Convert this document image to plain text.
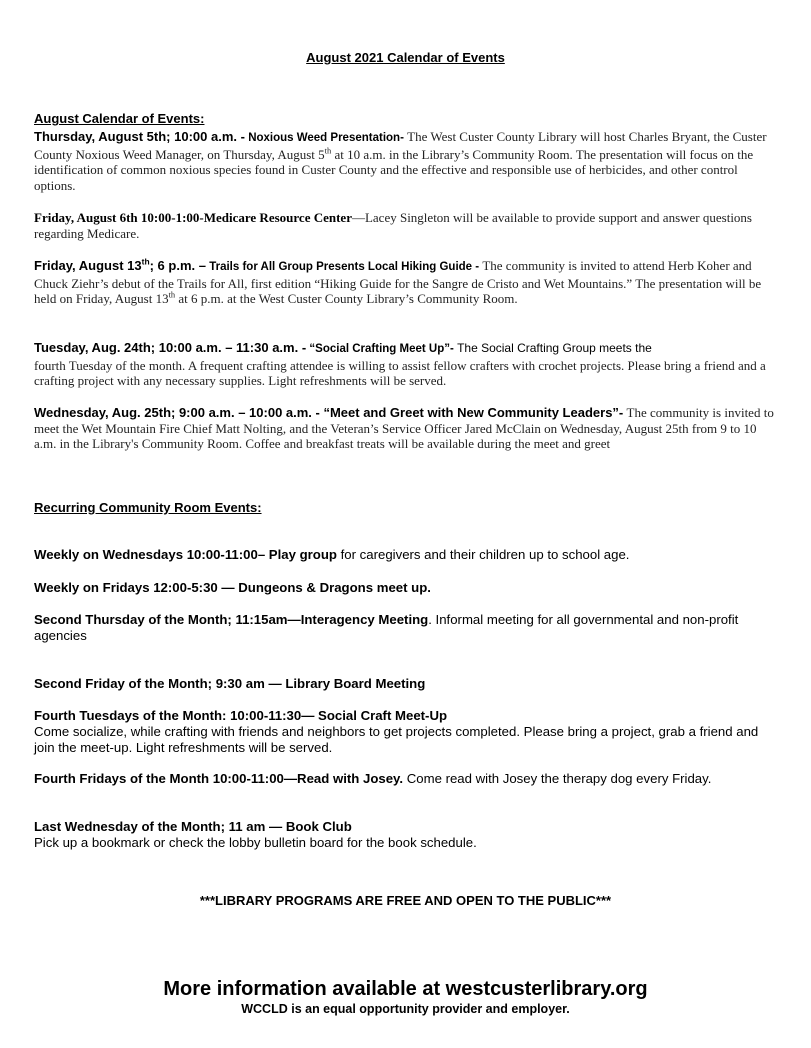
August 2021 Calendar of Events
August Calendar of Events:
Thursday, August 5th; 10:00 a.m. - Noxious Weed Presentation- The West Custer County Library will host Charles Bryant, the Custer County Noxious Weed Manager, on Thursday, August 5th at 10 a.m. in the Library’s Community Room. The presentation will focus on the identification of common noxious species found in Custer County and the effective and responsible use of herbicides, and other control options.
Friday, August 6th 10:00-1:00-Medicare Resource Center—Lacey Singleton will be available to provide support and answer questions regarding Medicare.
Friday, August 13th; 6 p.m. – Trails for All Group Presents Local Hiking Guide - The community is invited to attend Herb Koher and Chuck Ziehr’s debut of the Trails for All, first edition “Hiking Guide for the Sangre de Cristo and Wet Mountains.” The presentation will be held on Friday, August 13th at 6 p.m. at the West Custer County Library’s Community Room.
Tuesday, Aug. 24th; 10:00 a.m. – 11:30 a.m. - “Social Crafting Meet Up”- The Social Crafting Group meets the
fourth Tuesday of the month. A frequent crafting attendee is willing to assist fellow crafters with crochet projects. Please bring a friend and a crafting project with any necessary supplies. Light refreshments will be served.
Wednesday, Aug. 25th; 9:00 a.m. – 10:00 a.m. - “Meet and Greet with New Community Leaders”- The community is invited to meet the Wet Mountain Fire Chief Matt Nolting, and the Veteran’s Service Officer Jared McClain on Wednesday, August 25th from 9 to 10 a.m. in the Library's Community Room. Coffee and breakfast treats will be available during the meet and greet
Recurring Community Room Events:
Weekly on Wednesdays 10:00-11:00– Play group for caregivers and their children up to school age.
Weekly on Fridays 12:00-5:30 — Dungeons & Dragons meet up.
Second Thursday of the Month; 11:15am—Interagency Meeting. Informal meeting for all governmental and non-profit agencies
Second Friday of the Month; 9:30 am — Library Board Meeting
Fourth Tuesdays of the Month: 10:00-11:30— Social Craft Meet-Up
Come socialize, while crafting with friends and neighbors to get projects completed. Please bring a project, grab a friend and join the meet-up. Light refreshments will be served.
Fourth Fridays of the Month 10:00-11:00—Read with Josey. Come read with Josey the therapy dog every Friday.
Last Wednesday of the Month; 11 am — Book Club
Pick up a bookmark or check the lobby bulletin board for the book schedule.
***LIBRARY PROGRAMS ARE FREE AND OPEN TO THE PUBLIC***
More information available at westcusterlibrary.org
WCCLD is an equal opportunity provider and employer.
